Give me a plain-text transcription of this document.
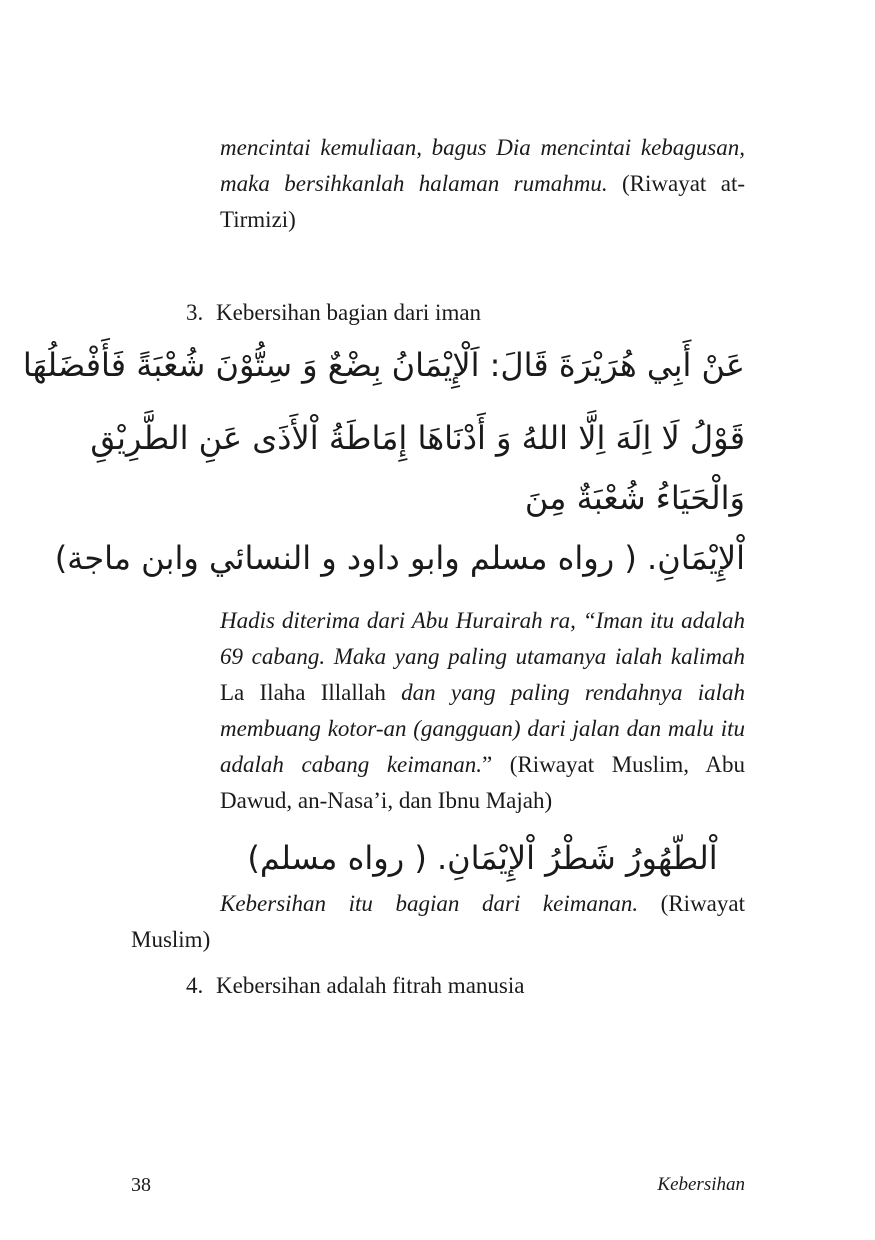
mencintai kemuliaan, bagus Dia mencintai kebagusan, maka bersihkanlah halaman rumahmu. (Riwayat at-Tirmizi)

3. Kebersihan bagian dari iman

عَنْ أَبِي هُرَيْرَةَ قَالَ: اَلْإِيْمَانُ بِضْعٌ وَ سِتُّوْنَ شُعْبَةً فَأَفْضَلُهَا

قَوْلُ لَا اِلَهَ اِلَّا اللهُ وَ أَدْنَاهَا إِمَاطَةُ اْلأَذَى عَنِ الطَّرِيْقِ

وَالْحَيَاءُ شُعْبَةٌ مِنَ

اْلإِيْمَانِ. ( رواه مسلم وابو داود و النسائي وابن ماجة)

Hadis diterima dari Abu Hurairah ra, “Iman itu adalah 69 cabang. Maka yang paling utamanya ialah kalimah La Ilaha Illallah dan yang paling rendahnya ialah membuang kotor-an (gangguan) dari jalan dan malu itu adalah cabang keimanan.” (Riwayat Muslim, Abu Dawud, an-Nasa’i, dan Ibnu Majah)

اْلطّهُورُ شَطْرُ اْلإِيْمَانِ. ( رواه مسلم)

Kebersihan itu bagian dari keimanan. (Riwayat Muslim)

4. Kebersihan adalah fitrah manusia

38	Kebersihan
